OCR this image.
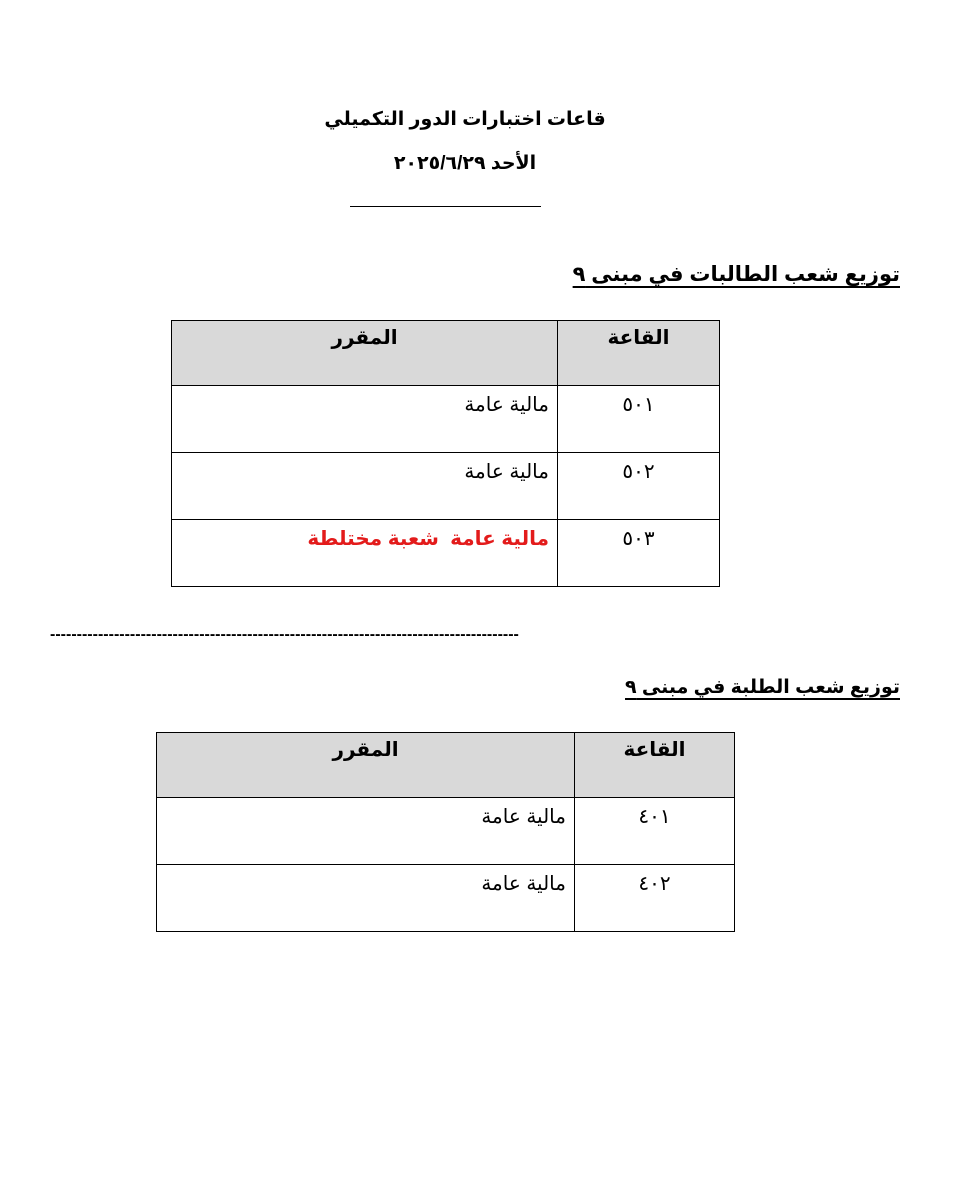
قاعات اختبارات الدور التكميلي
الأحد ٢٠٢٥/٦/٢٩
توزيع شعب الطالبات في مبنى ٩
القاعة	المقرر
٥٠١	مالية عامة
٥٠٢	مالية عامة
٥٠٣	مالية عامة  شعبة مختلطة
----------------------------------------------------------------------------------------
توزيع شعب الطلبة في مبنى ٩
القاعة	المقرر
٤٠١	مالية عامة
٤٠٢	مالية عامة
